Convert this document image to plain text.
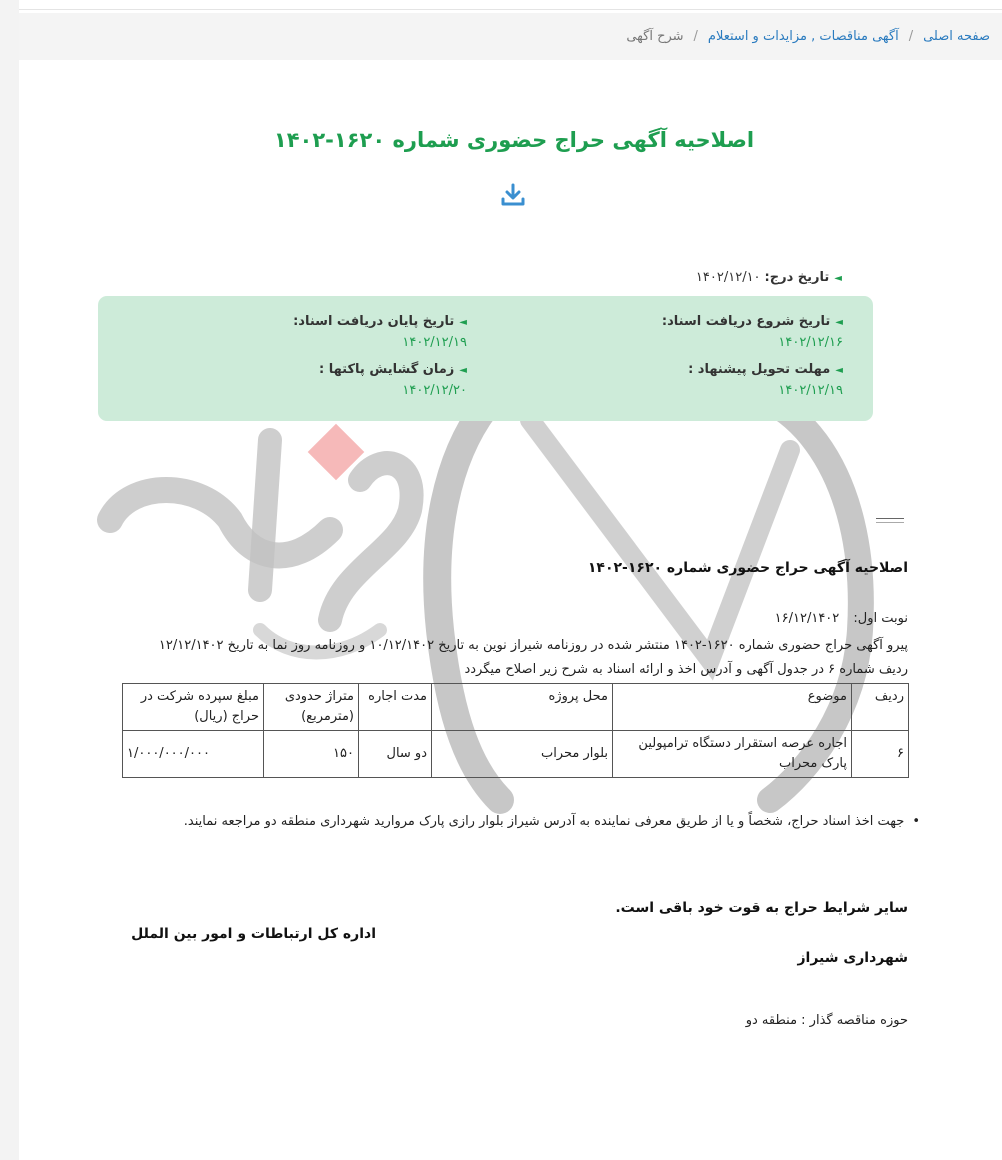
صفحه اصلی
/
آگهی مناقصات , مزایدات و استعلام
/
شرح آگهی
اصلاحیه آگهی حراج حضوری شماره ۱۶۲۰-۱۴۰۲
◄تاریخ درج:۱۴۰۲/۱۲/۱۰
◄تاریخ شروع دریافت اسناد:
۱۴۰۲/۱۲/۱۶
◄تاریخ پایان دریافت اسناد:
۱۴۰۲/۱۲/۱۹
◄مهلت تحویل پیشنهاد :
۱۴۰۲/۱۲/۱۹
◄زمان گشایش پاکتها :
۱۴۰۲/۱۲/۲۰
اصلاحیه آگهی حراج حضوری شماره ۱۶۲۰-۱۴۰۲
نوبت اول: ۱۶/۱۲/۱۴۰۲
پیرو آگهی حراج حضوری شماره ۱۶۲۰-۱۴۰۲ منتشر شده در روزنامه شیراز نوین به تاریخ ۱۰/۱۲/۱۴۰۲ و روزنامه روز نما به تاریخ ۱۲/۱۲/۱۴۰۲
ردیف شماره ۶ در جدول آگهی و آدرس اخذ و ارائه اسناد به شرح زیر اصلاح میگردد
ردیف	موضوع	محل پروژه	مدت اجاره	متراژ حدودی (مترمربع)	مبلغ سپرده شرکت در حراج (ریال)
۶	اجاره عرصه استقرار دستگاه ترامپولین پارک محراب	بلوار محراب	دو سال	۱۵۰	۱/۰۰۰/۰۰۰/۰۰۰
•جهت اخذ اسناد حراج، شخصاً و یا از طریق معرفی نماینده به آدرس شیراز بلوار رازی پارک مروارید شهرداری منطقه دو مراجعه نمایند.
سایر شرایط حراج به قوت خود باقی است.
اداره کل ارتباطات و امور بین الملل
شهرداری شیراز
حوزه مناقصه گذار : منطقه دو
